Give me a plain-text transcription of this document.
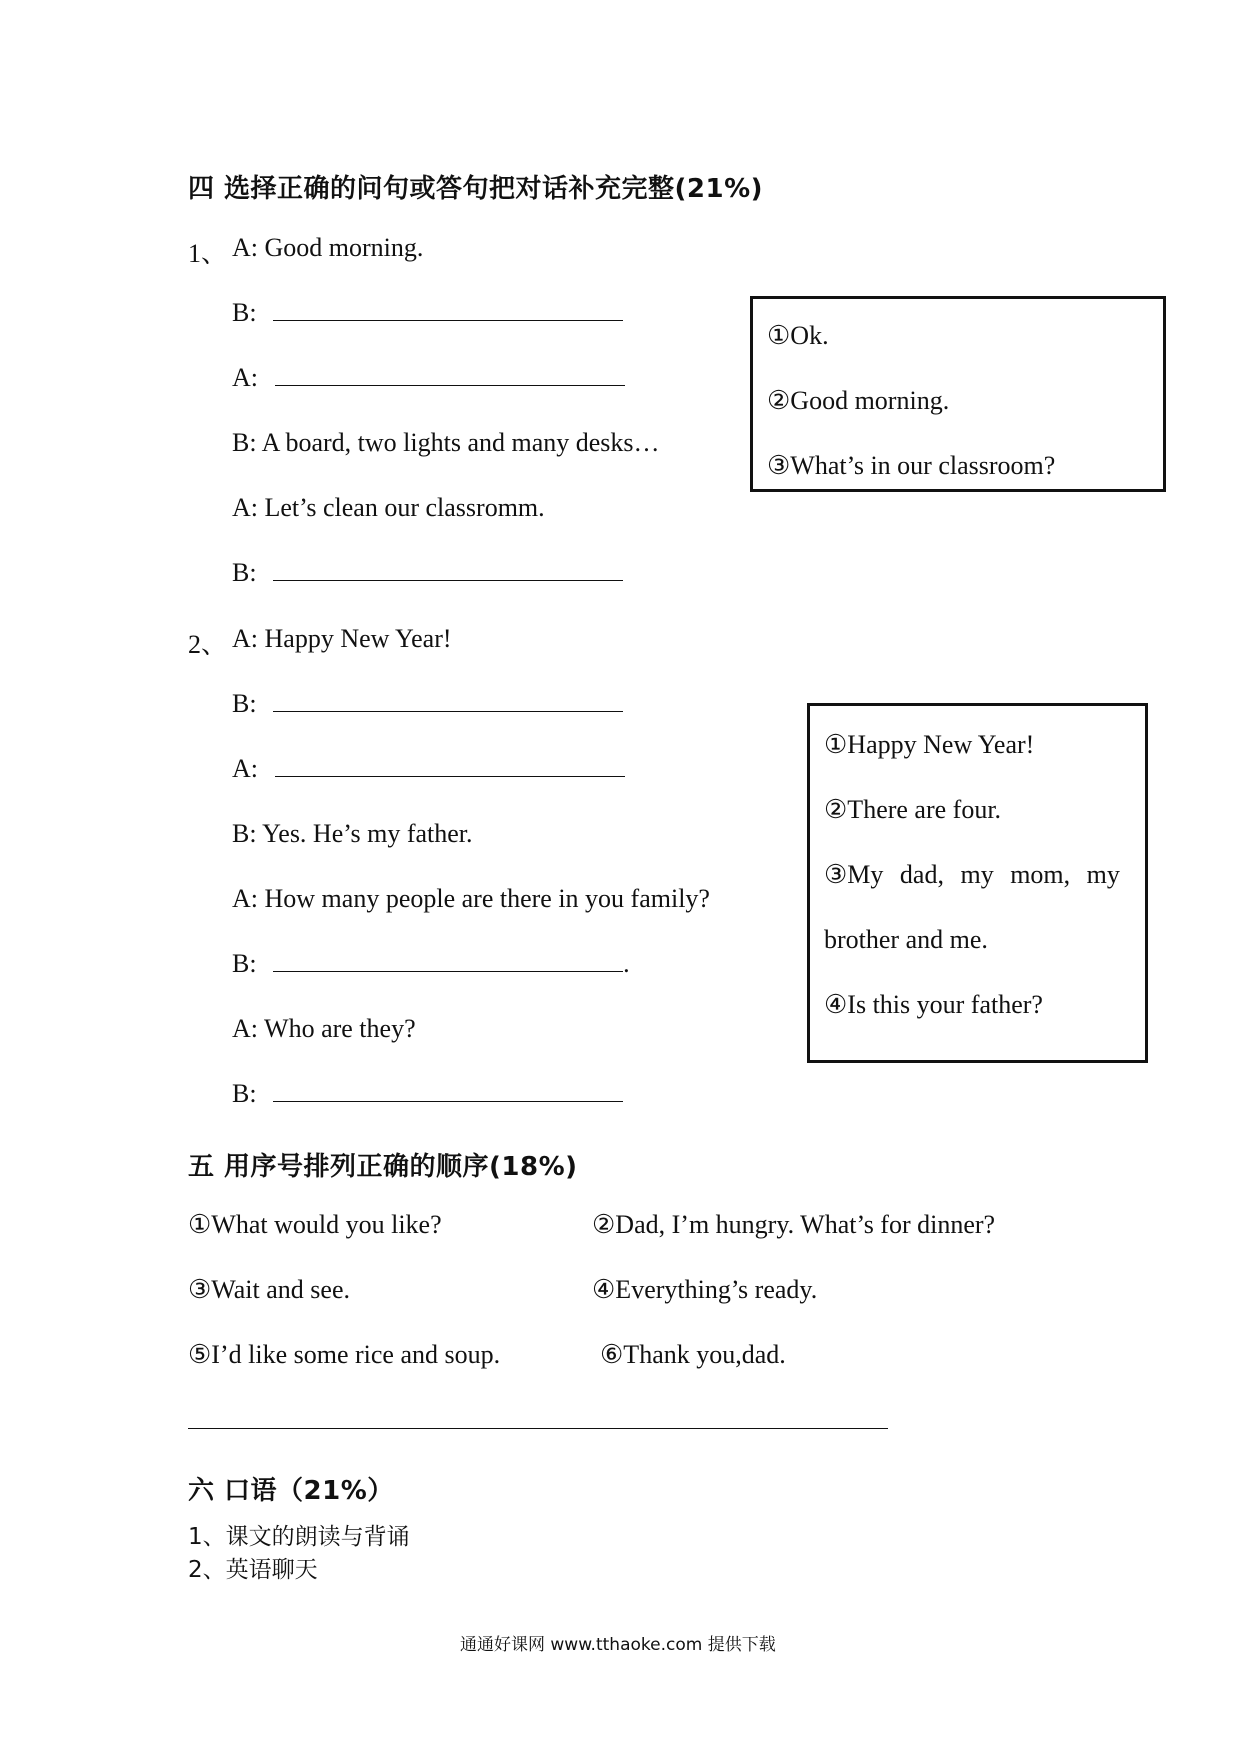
四 选择正确的问句或答句把对话补充完整(21%)
1、 A: Good morning.
B:
A:
B: A board, two lights and many desks…
A: Let’s clean our classromm.
B:
①Ok.
②Good morning.
③What’s in our classroom?
2、 A: Happy New Year!
B:
A:
B: Yes. He’s my father.
A: How many people are there in you family?
B:	.
A: Who are they?
B:
①Happy New Year!
②There are four.
③My dad, my mom, my
brother and me.
④Is this your father?
五 用序号排列正确的顺序(18%)
①What would you like?	②Dad, I’m hungry. What’s for dinner?
③Wait and see.	④Everything’s ready.
⑤I’d like some rice and soup.	⑥Thank you,dad.
六 口语（21%）
1、课文的朗读与背诵
2、英语聊天
通通好课网 www.tthaoke.com 提供下载
